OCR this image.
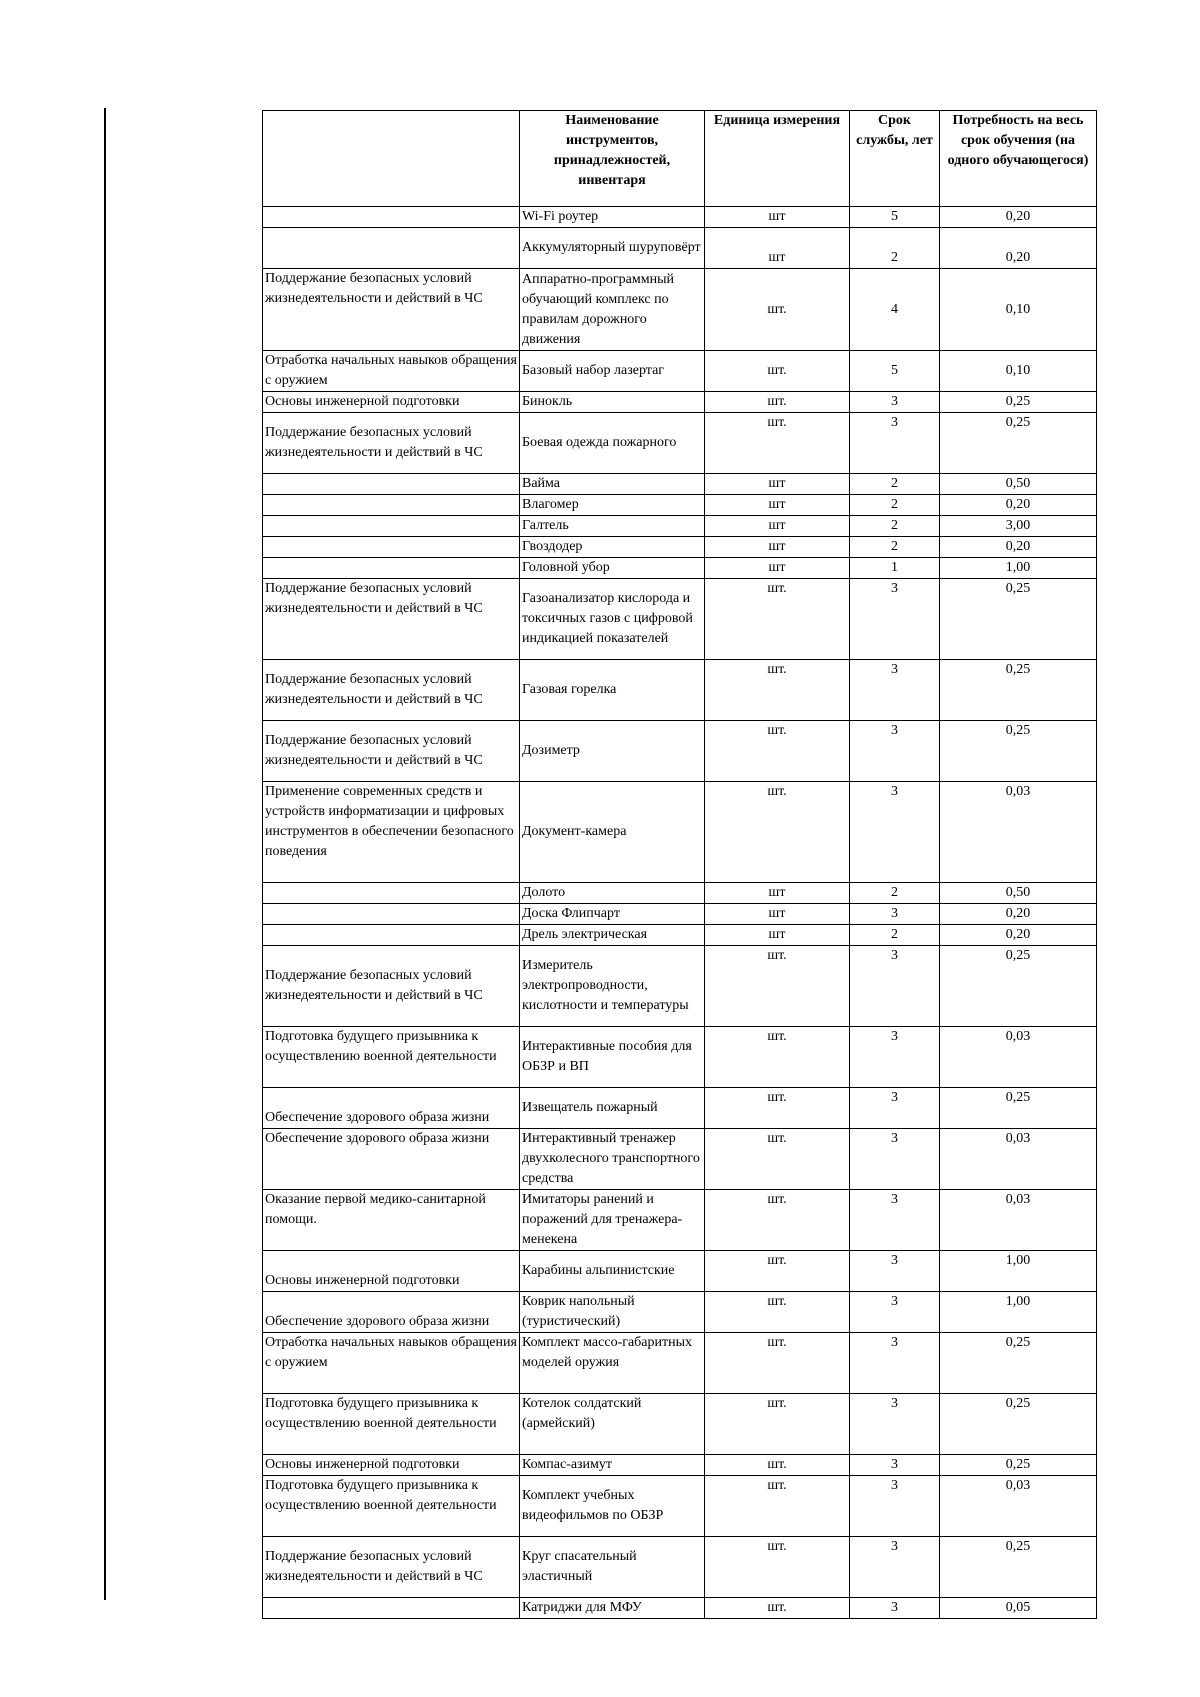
	Наименование инструментов, принадлежностей, инвентаря	Единица измерения	Срок службы, лет	Потребность на весь срок обучения (на одного обучающегося)
	Wi-Fi роутер	шт	5	0,20
	Аккумуляторный шуруповёрт	шт	2	0,20
Поддержание безопасных условий жизнедеятельности и действий в ЧС	Аппаратно-программный обучающий комплекс по правилам дорожного движения	шт.	4	0,10
Отработка начальных навыков обращения с оружием	Базовый набор лазертаг	шт.	5	0,10
Основы инженерной подготовки	Бинокль	шт.	3	0,25
Поддержание безопасных условий жизнедеятельности и действий в ЧС	Боевая одежда пожарного	шт.	3	0,25
	Вайма	шт	2	0,50
	Влагомер	шт	2	0,20
	Галтель	шт	2	3,00
	Гвоздодер	шт	2	0,20
	Головной убор	шт	1	1,00
Поддержание безопасных условий жизнедеятельности и действий в ЧС	Газоанализатор кислорода и токсичных газов с цифровой индикацией показателей	шт.	3	0,25
Поддержание безопасных условий жизнедеятельности и действий в ЧС	Газовая горелка	шт.	3	0,25
Поддержание безопасных условий жизнедеятельности и действий в ЧС	Дозиметр	шт.	3	0,25
Применение современных средств и устройств информатизации и цифровых инструментов в обеспечении безопасного поведения	Документ-камера	шт.	3	0,03
	Долото	шт	2	0,50
	Доска Флипчарт	шт	3	0,20
	Дрель электрическая	шт	2	0,20
Поддержание безопасных условий жизнедеятельности и действий в ЧС	Измеритель электропроводности, кислотности и температуры	шт.	3	0,25
Подготовка будущего призывника к осуществлению военной деятельности	Интерактивные пособия для ОБЗР и ВП	шт.	3	0,03
Обеспечение здорового образа жизни	Извещатель пожарный	шт.	3	0,25
Обеспечение здорового образа жизни	Интерактивный тренажер двухколесного транспортного средства	шт.	3	0,03
Оказание первой медико-санитарной помощи.	Имитаторы ранений и поражений для тренажера-менекена	шт.	3	0,03
Основы инженерной подготовки	Карабины альпинистские	шт.	3	1,00
Обеспечение здорового образа жизни	Коврик напольный (туристический)	шт.	3	1,00
Отработка начальных навыков обращения с оружием	Комплект массо-габаритных моделей оружия	шт.	3	0,25
Подготовка будущего призывника к осуществлению военной деятельности	Котелок солдатский (армейский)	шт.	3	0,25
Основы инженерной подготовки	Компас-азимут	шт.	3	0,25
Подготовка будущего призывника к осуществлению военной деятельности	Комплект учебных видеофильмов по ОБЗР	шт.	3	0,03
Поддержание безопасных условий жизнедеятельности и действий в ЧС	Круг спасательный эластичный	шт.	3	0,25
	Катриджи для МФУ	шт.	3	0,05
